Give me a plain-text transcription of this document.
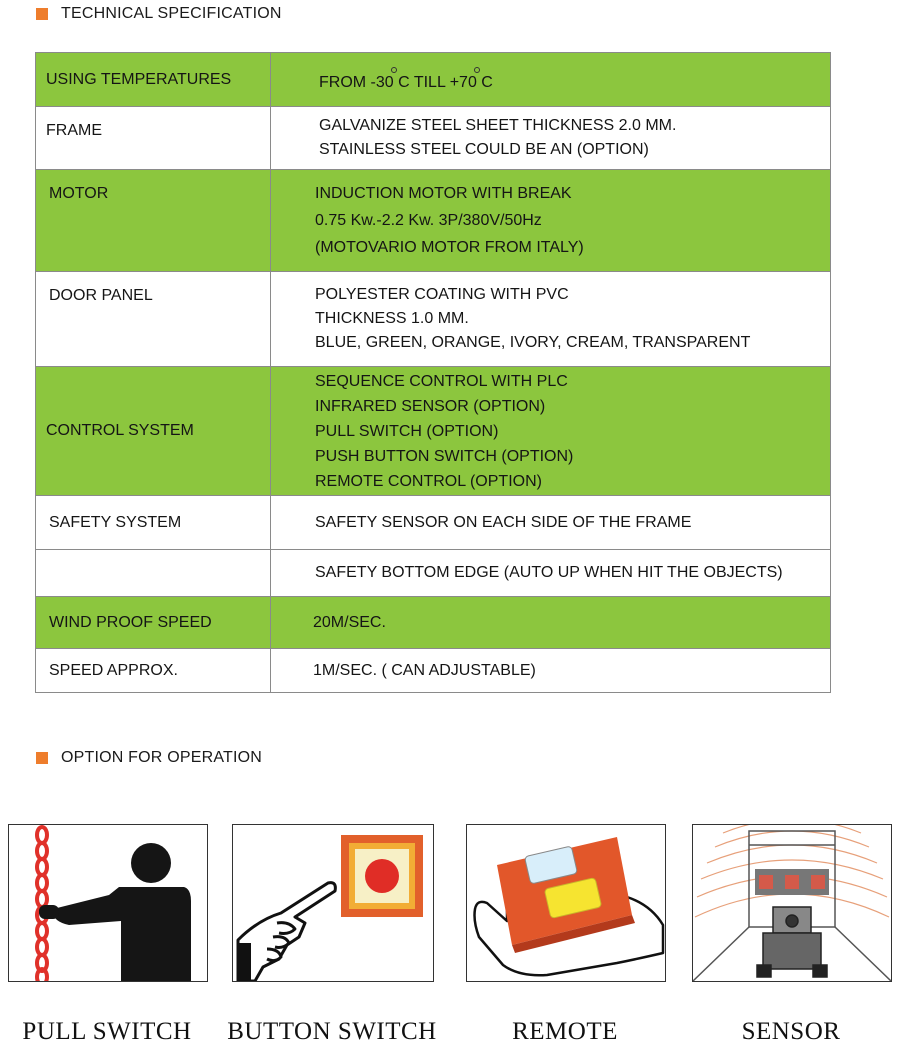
TECHNICAL SPECIFICATION
USING TEMPERATURES	FROM -30 C TILL +70 C
FRAME	GALVANIZE STEEL SHEET THICKNESS 2.0 MM.
STAINLESS STEEL COULD BE AN (OPTION)

MOTOR	INDUCTION MOTOR WITH BREAK
0.75 Kw.-2.2 Kw. 3P/380V/50Hz
(MOTOVARIO MOTOR FROM ITALY)

DOOR PANEL	POLYESTER COATING WITH PVC
THICKNESS 1.0 MM.
BLUE, GREEN, ORANGE, IVORY, CREAM, TRANSPARENT

CONTROL SYSTEM	SEQUENCE CONTROL WITH PLC
INFRARED SENSOR (OPTION)
PULL SWITCH (OPTION)
PUSH BUTTON SWITCH (OPTION)
REMOTE CONTROL (OPTION)

SAFETY SYSTEM	SAFETY SENSOR ON EACH SIDE OF THE FRAME

	SAFETY BOTTOM EDGE (AUTO UP WHEN HIT THE OBJECTS)

WIND PROOF SPEED	20M/SEC.

SPEED APPROX.	1M/SEC. ( CAN ADJUSTABLE)
OPTION FOR OPERATION
PULL SWITCH	BUTTON SWITCH	REMOTE	SENSOR
